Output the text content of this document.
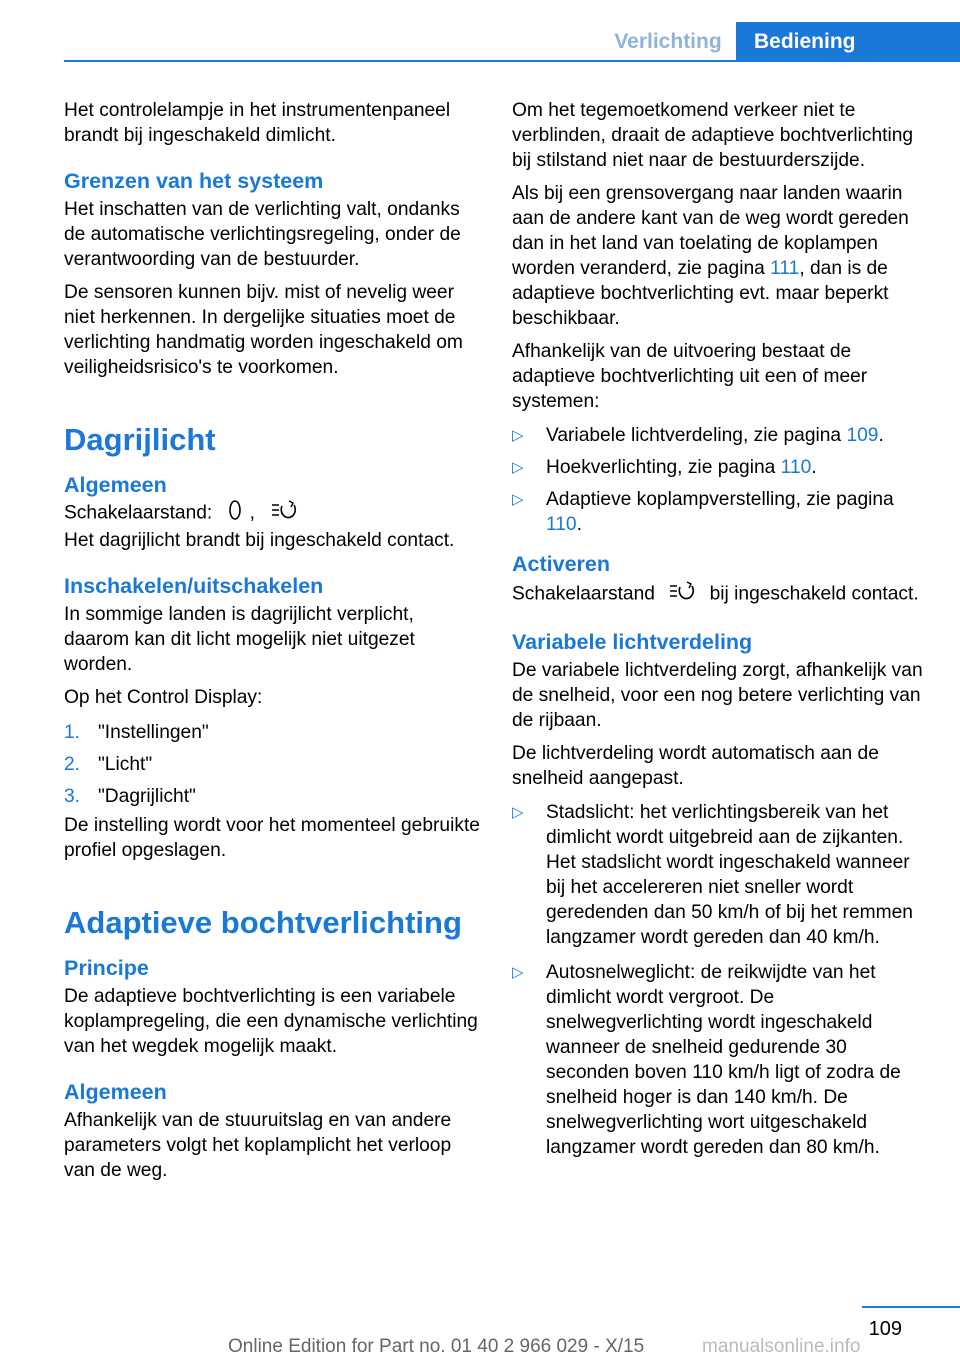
Verlichting	Bediening

Het controlelampje in het instrumentenpaneel brandt bij ingeschakeld dimlicht.

Grenzen van het systeem

Het inschatten van de verlichting valt, ondanks de automatische verlichtingsregeling, onder de verantwoording van de bestuurder.

De sensoren kunnen bijv. mist of nevelig weer niet herkennen. In dergelijke situaties moet de verlichting handmatig worden ingeschakeld om veiligheidsrisico's te voorkomen.

Dagrijlicht
Algemeen

Schakelaarstand: ,

Het dagrijlicht brandt bij ingeschakeld contact.

Inschakelen/uitschakelen

In sommige landen is dagrijlicht verplicht, daarom kan dit licht mogelijk niet uitgezet worden.

Op het Control Display:

1. "Instellingen"
2. "Licht"
3. "Dagrijlicht"

De instelling wordt voor het momenteel gebruikte profiel opgeslagen.

Adaptieve bochtverlichting
Principe

De adaptieve bochtverlichting is een variabele koplampregeling, die een dynamische verlichting van het wegdek mogelijk maakt.

Algemeen

Afhankelijk van de stuuruitslag en van andere parameters volgt het koplamplicht het verloop van de weg.

Om het tegemoetkomend verkeer niet te verblinden, draait de adaptieve bochtverlichting bij stilstand niet naar de bestuurderszijde.

Als bij een grensovergang naar landen waarin aan de andere kant van de weg wordt gereden dan in het land van toelating de koplampen worden veranderd, zie pagina 111, dan is de adaptieve bochtverlichting evt. maar beperkt beschikbaar.

Afhankelijk van de uitvoering bestaat de adaptieve bochtverlichting uit een of meer systemen:

▷ Variabele lichtverdeling, zie pagina 109.
▷ Hoekverlichting, zie pagina 110.
▷ Adaptieve koplampverstelling, zie pagina 110.
Activeren

Schakelaarstand	bij ingeschakeld contact.

Variabele lichtverdeling

De variabele lichtverdeling zorgt, afhankelijk van de snelheid, voor een nog betere verlichting van de rijbaan.

De lichtverdeling wordt automatisch aan de snelheid aangepast.

▷ Stadslicht: het verlichtingsbereik van het dimlicht wordt uitgebreid aan de zijkanten. Het stadslicht wordt ingeschakeld wanneer bij het accelereren niet sneller wordt geredenden dan 50 km/h of bij het remmen langzamer wordt gereden dan 40 km/h.
▷ Autosnelweglicht: de reikwijdte van het dimlicht wordt vergroot. De snelwegverlichting wordt ingeschakeld wanneer de snelheid gedurende 30 seconden boven 110 km/h ligt of zodra de snelheid hoger is dan 140 km/h. De snelwegverlichting wort uitgeschakeld langzamer wordt gereden dan 80 km/h.
109
Online Edition for Part no. 01 40 2 966 029 - X/15	manualsonline.info
